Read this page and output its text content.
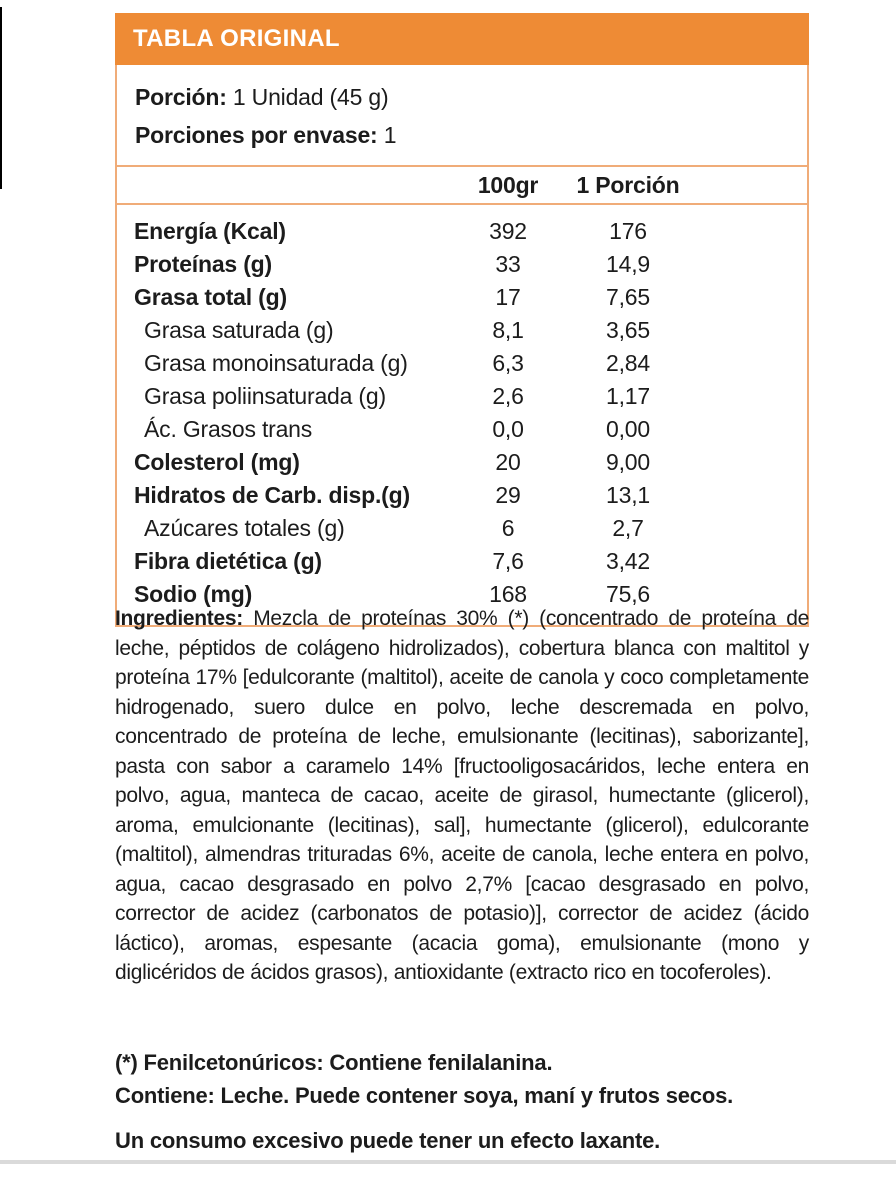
TABLA ORIGINAL
Porción: 1 Unidad (45 g)
Porciones por envase: 1
100gr	1 Porción
Energía (Kcal)	392	176
Proteínas (g)	33	14,9
Grasa total (g)	17	7,65
Grasa saturada (g)	8,1	3,65
Grasa monoinsaturada (g)	6,3	2,84
Grasa poliinsaturada (g)	2,6	1,17
Ác. Grasos trans	0,0	0,00
Colesterol (mg)	20	9,00
Hidratos de Carb. disp.(g)	29	13,1
Azúcares totales (g)	6	2,7
Fibra dietética (g)	7,6	3,42
Sodio (mg)	168	75,6
Ingredientes: Mezcla de proteínas 30% (*) (concentrado de proteína de leche, péptidos de colágeno hidrolizados), cobertura blanca con maltitol y proteína 17% [edulcorante (maltitol), aceite de canola y coco completamente hidrogenado, suero dulce en polvo, leche descremada en polvo, concentrado de proteína de leche, emulsionante (lecitinas), saborizante], pasta con sabor a caramelo 14% [fructooligosacáridos, leche entera en polvo, agua, manteca de cacao, aceite de girasol, humectante (glicerol), aroma, emulcionante (lecitinas), sal], humectante (glicerol), edulcorante (maltitol), almendras trituradas 6%, aceite de canola, leche entera en polvo, agua, cacao desgrasado en polvo 2,7% [cacao desgrasado en polvo, corrector de acidez (carbonatos de potasio)], corrector de acidez (ácido láctico), aromas, espesante (acacia goma), emulsionante (mono y diglicéridos de ácidos grasos), antioxidante (extracto rico en tocoferoles).
(*) Fenilcetonúricos: Contiene fenilalanina.
Contiene: Leche. Puede contener soya, maní y frutos secos.
Un consumo excesivo puede tener un efecto laxante.
